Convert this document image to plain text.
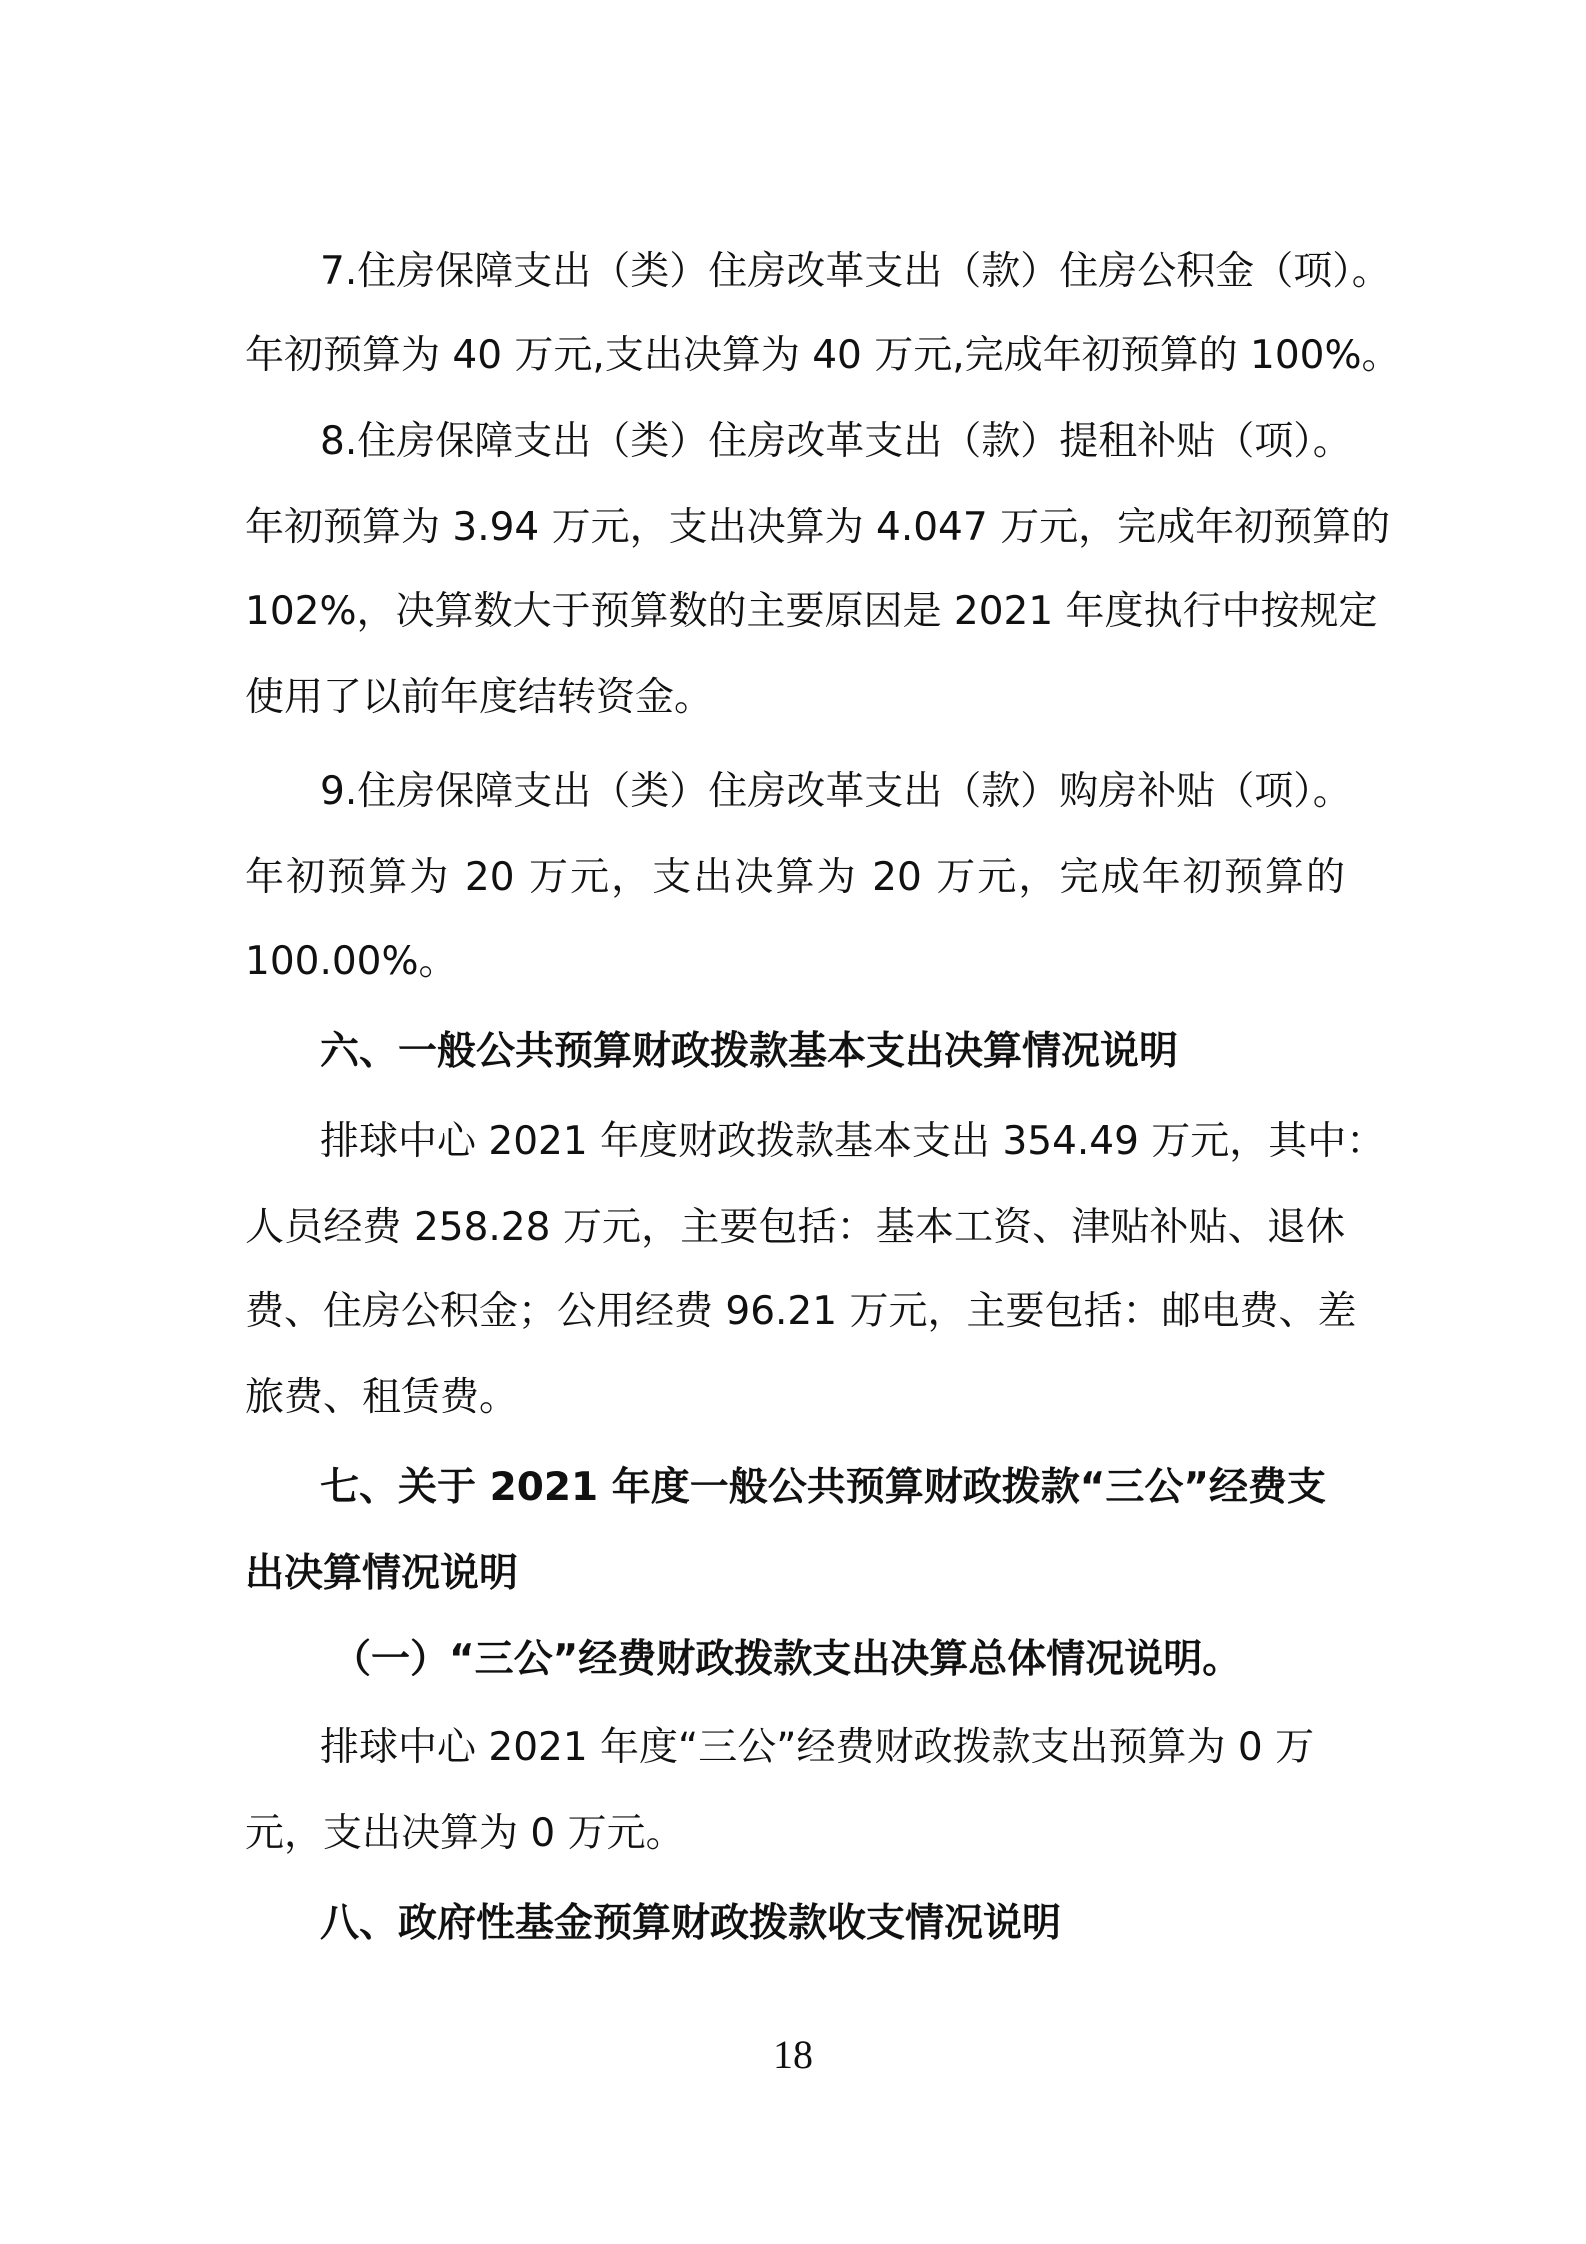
7.住房保障支出（类）住房改革支出（款）住房公积金（项）。

年初预算为 40 万元,支出决算为 40 万元,完成年初预算的 100%。

8.住房保障支出（类）住房改革支出（款）提租补贴（项）。

年初预算为 3.94 万元，支出决算为 4.047 万元，完成年初预算的

102%，决算数大于预算数的主要原因是 2021 年度执行中按规定

使用了以前年度结转资金。

9.住房保障支出（类）住房改革支出（款）购房补贴（项）。

年初预算为 20 万元，支出决算为 20 万元，完成年初预算的

100.00%。

六、一般公共预算财政拨款基本支出决算情况说明

排球中心 2021 年度财政拨款基本支出 354.49 万元，其中：

人员经费 258.28 万元，主要包括：基本工资、津贴补贴、退休

费、住房公积金；公用经费 96.21 万元，主要包括：邮电费、差

旅费、租赁费。

七、关于 2021 年度一般公共预算财政拨款“三公”经费支

出决算情况说明

（一）“三公”经费财政拨款支出决算总体情况说明。

排球中心 2021 年度“三公”经费财政拨款支出预算为 0 万

元，支出决算为 0 万元。

八、政府性基金预算财政拨款收支情况说明

18
